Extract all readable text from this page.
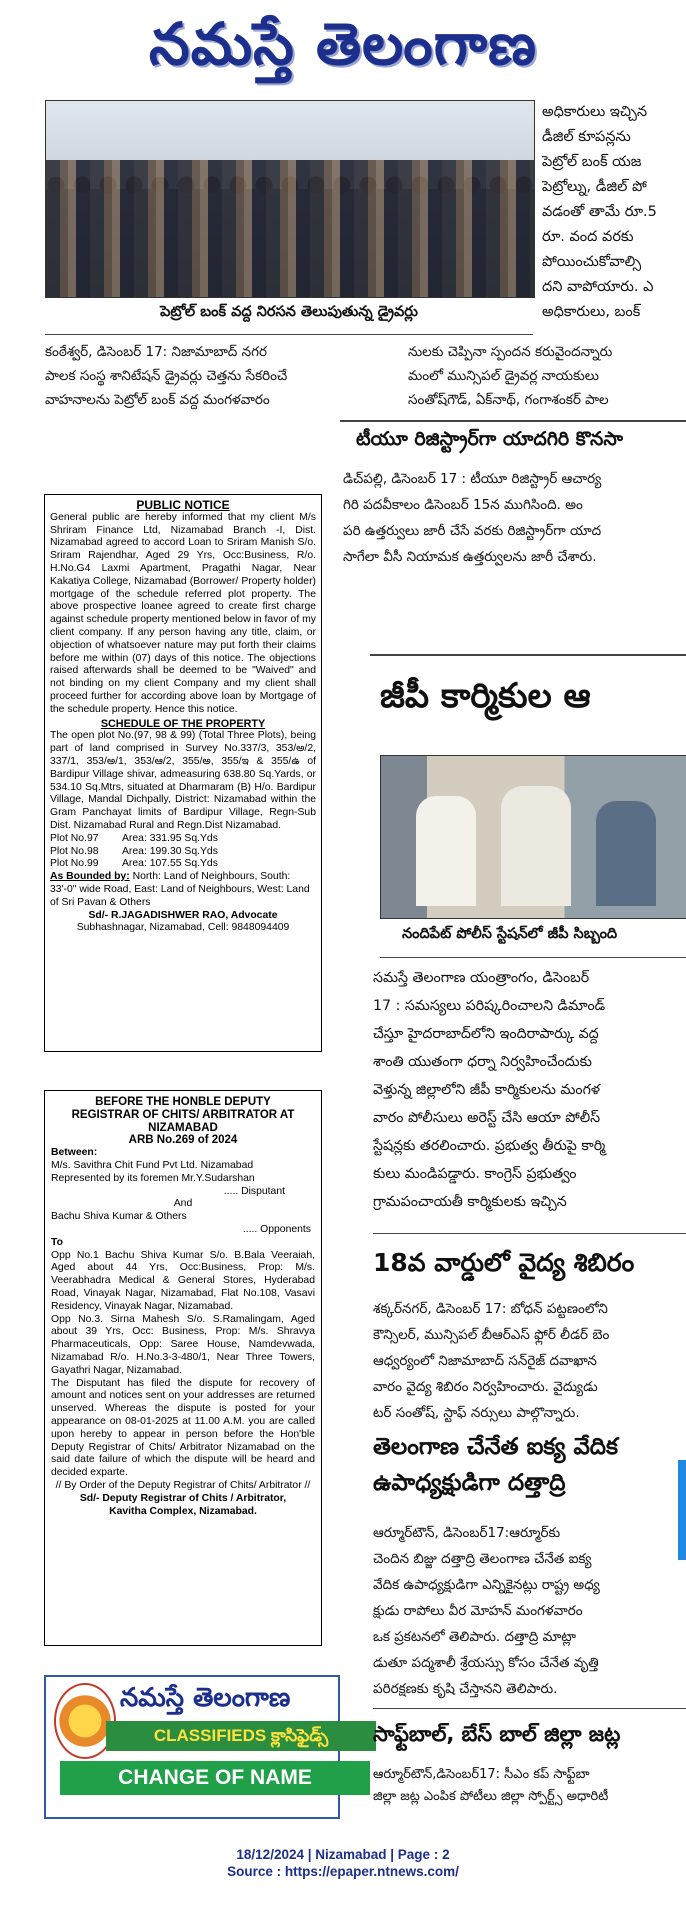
నమస్తే తెలంగాణ
పెట్రోల్ బంక్ వద్ద నిరసన తెలుపుతున్న డ్రైవర్లు
అధికారులు ఇచ్చిన
డీజిల్ కూపన్లను
పెట్రోల్ బంక్ యజ
పెట్రోల్ను, డీజిల్ పో
వడంతో తామే రూ.5
రూ. వంద వరకు
పోయించుకోవాల్సి
దని వాపోయారు. ఎ
అధికారులు, బంక్
కంఠేశ్వర్, డిసెంబర్ 17: నిజామాబాద్ నగర
పాలక సంస్థ శానిటేషన్ డ్రైవర్లు చెత్తను సేకరించే
వాహనాలను పెట్రోల్ బంక్ వద్ద మంగళవారం
నులకు చెప్పినా స్పందన కరువైందన్నారు
మంలో మున్సిపల్ డ్రైవర్ల నాయకులు
సంతోష్‌గౌడ్, ఏక్‌నాథ్, గంగాశంకర్ పాల
టీయూ రిజిస్ట్రార్‌గా యాదగిరి కొనసా
డిచ్‌పల్లి, డిసెంబర్ 17 : టీయూ రిజిస్ట్రార్ ఆచార్య
గిరి పదవీకాలం డిసెంబర్ 15న ముగిసింది. అం
పరి ఉత్తర్వులు జారీ చేసే వరకు రిజిస్ట్రార్‌గా యాద
సాగేలా వీసీ నియామక ఉత్తర్వులను జారీ చేశారు.
PUBLIC NOTICE

General public are hereby informed that my client M/s Shriram Finance Ltd, Nizamabad Branch -I, Dist. Nizamabad agreed to accord Loan to Sriram Manish S/o. Sriram Rajendhar, Aged 29 Yrs, Occ:Business, R/o. H.No.G4 Laxmi Apartment, Pragathi Nagar, Near Kakatiya College, Nizamabad (Borrower/ Property holder) mortgage of the schedule referred plot property. The above prospective loanee agreed to create first charge against schedule property mentioned below in favor of my client company. If any person having any title, claim, or objection of whatsoever nature may put forth their claims before me within (07) days of this notice. The objections raised afterwards shall be deemed to be "Waived" and not binding on my client Company and my client shall proceed further for according above loan by Mortgage of the schedule property. Hence this notice.

SCHEDULE OF THE PROPERTY

The open plot No.(97, 98 & 99) (Total Three Plots), being part of land comprised in Survey No.337/3, 353/అ/2, 337/1, 353/అ/1, 353/ఆ/2, 355/అ, 355/ఇ & 355/ఉ of Bardipur Village shivar, admeasuring 638.80 Sq.Yards, or 534.10 Sq.Mtrs, situated at Dharmaram (B) H/o. Bardipur Village, Mandal Dichpally, District: Nizamabad within the Gram Panchayat limits of Bardipur Village, Regn-Sub Dist. Nizamabad Rural and Regn.Dist Nizamabad.

Plot No.97 Area: 331.95 Sq.Yds
Plot No.98 Area: 199.30 Sq.Yds
Plot No.99 Area: 107.55 Sq.Yds

As Bounded by: North: Land of Neighbours, South: 33'-0" wide Road, East: Land of Neighbours, West: Land of Sri Pavan & Others

Sd/- R.JAGADISHWER RAO, Advocate
Subhashnagar, Nizamabad, Cell: 9848094409
BEFORE THE HONBLE DEPUTY
REGISTRAR OF CHITS/ ARBITRATOR AT
NIZAMABAD
ARB No.269 of 2024
Between:

M/s. Savithra Chit Fund Pvt Ltd. Nizamabad Represented by its foremen Mr.Y.Sudarshan

..... Disputant
And
Bachu Shiva Kumar & Others
..... Opponents
To

Opp No.1 Bachu Shiva Kumar S/o. B.Bala Veeraiah, Aged about 44 Yrs, Occ:Business, Prop: M/s. Veerabhadra Medical & General Stores, Hyderabad Road, Vinayak Nagar, Nizamabad, Flat No.108, Vasavi Residency, Vinayak Nagar, Nizamabad.

Opp No.3. Sirna Mahesh S/o. S.Ramalingam, Aged about 39 Yrs, Occ: Business, Prop: M/s. Shravya Pharmaceuticals, Opp: Saree House, Namdevwada, Nizamabad R/o. H.No.3-3-480/1, Near Three Towers, Gayathri Nagar, Nizamabad.

The Disputant has filed the dispute for recovery of amount and notices sent on your addresses are returned unserved. Whereas the dispute is posted for your appearance on 08-01-2025 at 11.00 A.M. you are called upon hereby to appear in person before the Hon'ble Deputy Registrar of Chits/ Arbitrator Nizamabad on the said date failure of which the dispute will be heard and decided exparte.

// By Order of the Deputy Registrar of Chits/ Arbitrator //
Sd/- Deputy Registrar of Chits / Arbitrator,
Kavitha Complex, Nizamabad.
నమస్తే తెలంగాణ
CLASSIFIEDS క్లాసిఫైడ్స్
CHANGE OF NAME
జీపీ కార్మికుల ఆ
నందిపేట్ పోలీస్ స్టేషన్‌లో జీపీ సిబ్బంది
సమస్తే తెలంగాణ యంత్రాంగం, డిసెంబర్
17 : సమస్యలు పరిష్కరించాలని డిమాండ్
చేస్తూ హైదరాబాద్‌లోని ఇందిరాపార్కు వద్ద
శాంతి యుతంగా ధర్నా నిర్వహించేందుకు
వెళ్తున్న జిల్లాలోని జీపీ కార్మికులను మంగళ
వారం పోలీసులు అరెస్ట్ చేసి ఆయా పోలీస్
స్టేషన్లకు తరలించారు. ప్రభుత్వ తీరుపై కార్మి
కులు మండిపడ్డారు. కాంగ్రెస్ ప్రభుత్వం
గ్రామపంచాయతీ కార్మికులకు ఇచ్చిన
18వ వార్డులో వైద్య శిబిరం
శక్కర్‌నగర్, డిసెంబర్ 17: బోధన్ పట్టణంలోని
కౌన్సిలర్, మున్సిపల్ బీఆర్ఎస్ ఫ్లోర్ లీడర్ బెం
ఆధ్వర్యంలో నిజామాబాద్ సన్‌రైజ్ దవాఖాన
వారం వైద్య శిబిరం నిర్వహించారు. వైద్యుడు
టర్ సంతోష్, స్టాఫ్ నర్సులు పాల్గొన్నారు.
తెలంగాణ చేనేత ఐక్య వేదిక
ఉపాధ్యక్షుడిగా దత్తాద్రి
ఆర్మూర్‌టౌన్, డిసెంబర్17:ఆర్మూర్‌కు
చెందిన బిజ్జు దత్తాద్రి తెలంగాణ చేనేత ఐక్య
వేదిక ఉపాధ్యక్షుడిగా ఎన్నికైనట్లు రాష్ట్ర అధ్య
క్షుడు రాపోలు వీర మోహన్ మంగళవారం
ఒక ప్రకటనలో తెలిపారు. దత్తాద్రి మాట్లా
డుతూ పద్మశాలీ శ్రేయస్సు కోసం చేనేత వృత్తి
పరిరక్షణకు కృషి చేస్తానని తెలిపారు.
సాఫ్ట్‌బాల్, బేస్ బాల్ జిల్లా జట్ల
ఆర్మూర్‌టౌన్,డిసెంబర్17: సీఎం కప్ సాఫ్ట్‌బా
జిల్లా జట్ల ఎంపిక పోటీలు జిల్లా స్పోర్ట్స్ అధారిటీ
18/12/2024 | Nizamabad | Page : 2
Source : https://epaper.ntnews.com/
